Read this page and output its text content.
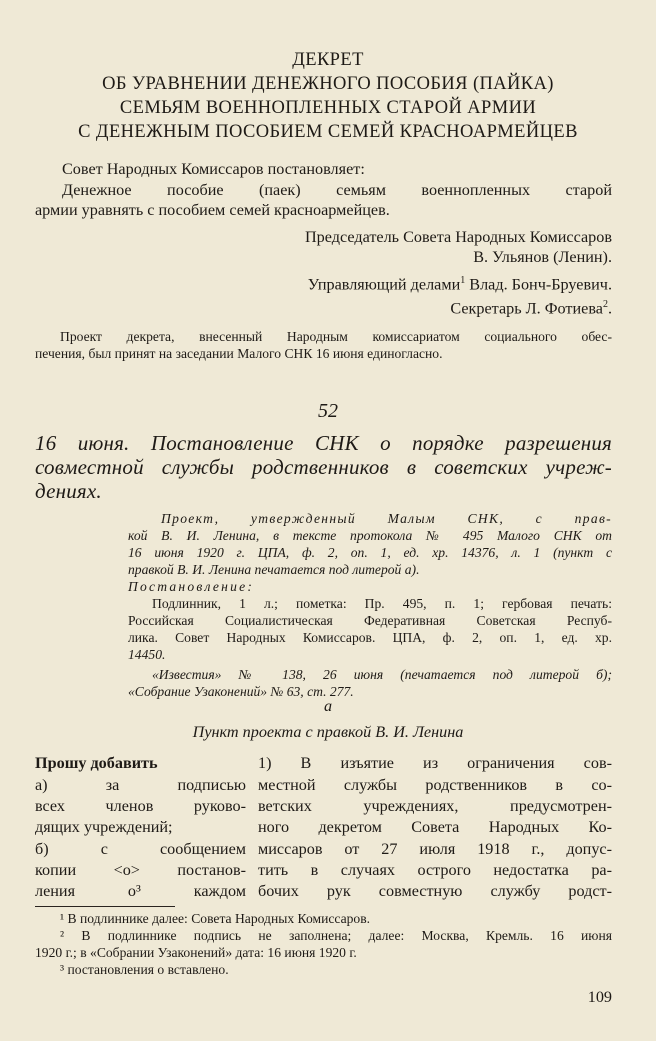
ДЕКРЕТ
ОБ УРАВНЕНИИ ДЕНЕЖНОГО ПОСОБИЯ (ПАЙКА)
СЕМЬЯМ ВОЕННОПЛЕННЫХ СТАРОЙ АРМИИ
С ДЕНЕЖНЫМ ПОСОБИЕМ СЕМЕЙ КРАСНОАРМЕЙЦЕВ
Совет Народных Комиссаров постановляет:
Денежное пособие (паек) семьям военнопленных старой
армии уравнять с пособием семей красноармейцев.
Председатель Совета Народных Комиссаров
В. Ульянов (Ленин).
Управляющий делами$^1$ Влад. Бонч-Бруевич.
Секретарь Л. Фотиева$^2$.
Проект декрета, внесенный Народным комиссариатом социального обес-
печения, был принят на заседании Малого СНК 16 июня единогласно.
52
16 июня. Постановление СНК о порядке разрешения
совместной службы родственников в советских учреж-
дениях.
Проект, утвержденный Малым СНК, с прав-
кой В. И. Ленина, в тексте протокола № 495 Малого СНК от
16 июня 1920 г. ЦПА, ф. 2, оп. 1, ед. хр. 14376, л. 1 (пункт с
правкой В. И. Ленина печатается под литерой а).
Постановление:
Подлинник, 1 л.; пометка: Пр. 495, п. 1; гербовая печать:
Российская Социалистическая Федеративная Советская Респуб-
лика. Совет Народных Комиссаров. ЦПА, ф. 2, оп. 1, ед. хр.
14450.
«Известия» № 138, 26 июня (печатается под литерой б);
«Собрание Узаконений» № 63, ст. 277.
а
Пункт проекта с правкой В. И. Ленина
Прошу добавить
а) за подписью
всех членов руково-
дящих учреждений;
б) с сообщением
копии <о> постанов-
ления о³ каждом
1) В изъятие из ограничения сов-
местной службы родственников в со-
ветских учреждениях, предусмотрен-
ного декретом Совета Народных Ко-
миссаров от 27 июля 1918 г., допус-
тить в случаях острого недостатка ра-
бочих рук совместную службу родст-
¹ В подлиннике далее: Совета Народных Комиссаров.
² В подлиннике подпись не заполнена; далее: Москва, Кремль. 16 июня
1920 г.; в «Собрании Узаконений» дата: 16 июня 1920 г.
³ постановления о вставлено.
109
